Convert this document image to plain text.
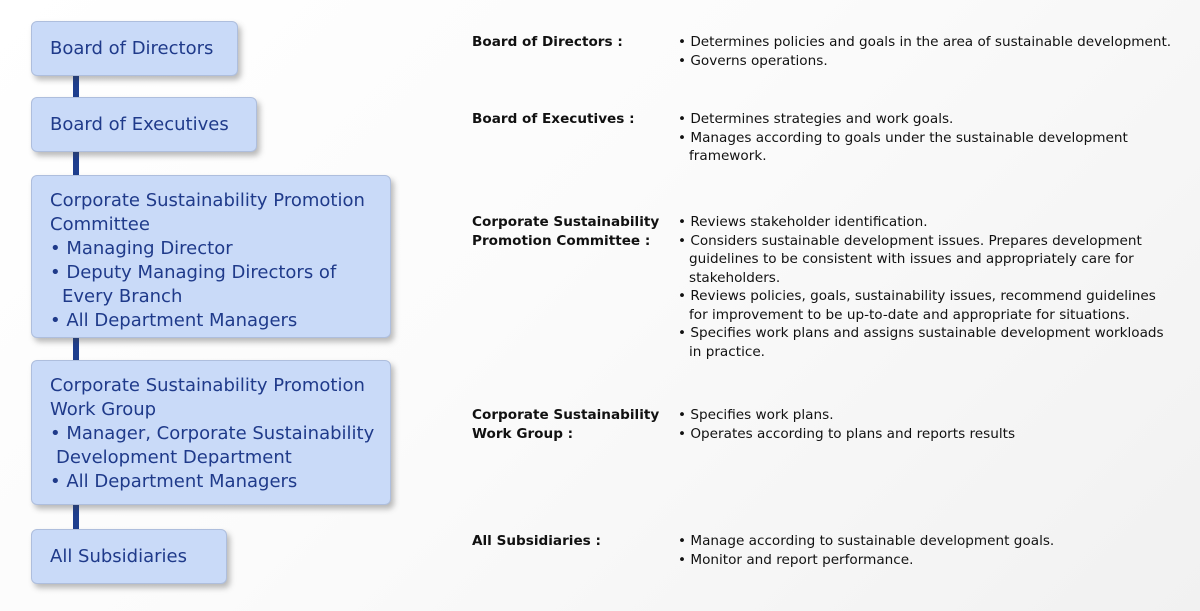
Board of Directors
Board of Executives
Corporate Sustainability Promotion
Committee
• Managing Director
• Deputy Managing Directors of
Every Branch
• All Department Managers
Corporate Sustainability Promotion
Work Group
• Manager, Corporate Sustainability
Development Department
• All Department Managers
All Subsidiaries
Board of Directors :	• Determines policies and goals in the area of sustainable development.
• Governs operations.
Board of Executives :	• Determines strategies and work goals.
• Manages according to goals under the sustainable development
framework.
Corporate Sustainability
Promotion Committee :
• Reviews stakeholder identification.
• Considers sustainable development issues. Prepares development
guidelines to be consistent with issues and appropriately care for
stakeholders.
• Reviews policies, goals, sustainability issues, recommend guidelines
for improvement to be up-to-date and appropriate for situations.
• Specifies work plans and assigns sustainable development workloads
in practice.
Corporate Sustainability
Work Group :
• Specifies work plans.
• Operates according to plans and reports results
All Subsidiaries :	• Manage according to sustainable development goals.
• Monitor and report performance.
